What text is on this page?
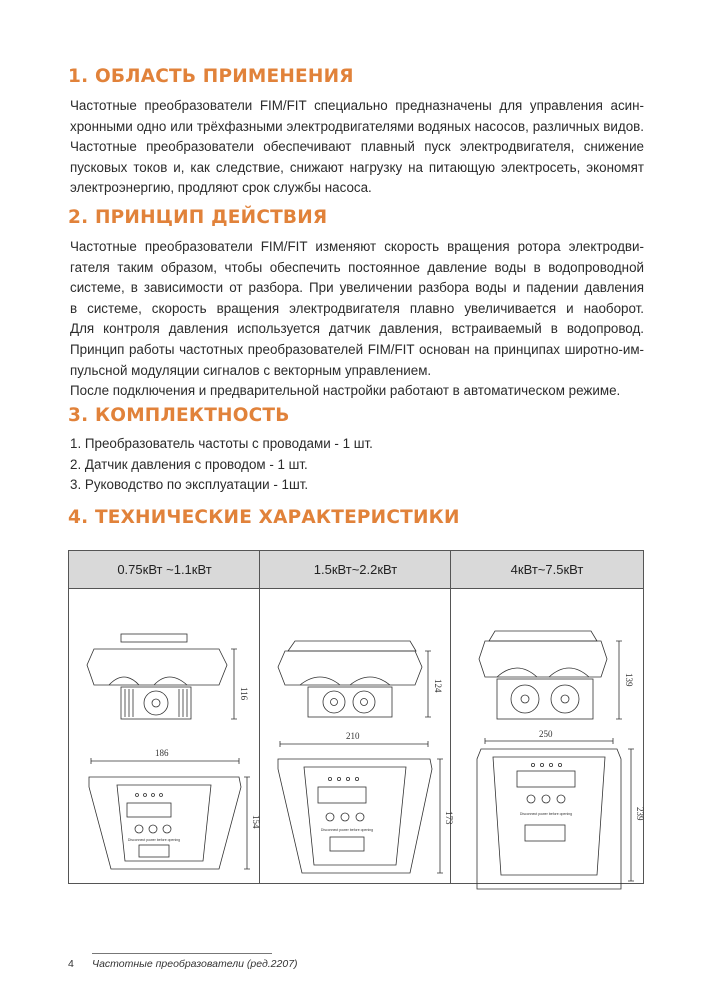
1. ОБЛАСТЬ ПРИМЕНЕНИЯ
Частотные преобразователи FIM/FIT специально предназначены для управления асин-
хронными одно или трёхфазными электродвигателями водяных насосов, различных видов.
Частотные преобразователи обеспечивают плавный пуск электродвигателя, снижение
пусковых токов и, как следствие, снижают нагрузку на питающую электросеть, экономят
электроэнергию, продляют срок службы насоса.
2. ПРИНЦИП ДЕЙСТВИЯ
Частотные преобразователи FIM/FIT изменяют скорость вращения ротора электродви-
гателя таким образом, чтобы обеспечить постоянное давление воды в водопроводной
системе, в зависимости от разбора. При увеличении разбора воды и падении давления
в системе, скорость вращения электродвигателя плавно увеличивается и наоборот.
Для контроля давления используется датчик давления, встраиваемый в водопровод.
Принцип работы частотных преобразователей FIM/FIT основан на принципах широтно-им-
пульсной модуляции сигналов с векторным управлением.
После подключения и предварительной настройки работают в автоматическом режиме.
3. КОМПЛЕКТНОСТЬ
1. Преобразователь частоты с проводами - 1 шт.
2. Датчик давления с проводом - 1 шт.
3. Руководство по эксплуатации - 1шт.
4. ТЕХНИЧЕСКИЕ ХАРАКТЕРИСТИКИ
0.75кВт ~1.1кВт	1.5кВт~2.2кВт	4кВт~7.5кВт
116
186
154
Disconnect power before opening
124
210
173
Disconnect power before opening
139
250
239
Disconnect power before opening
4 Частотные преобразователи (ред.2207)
